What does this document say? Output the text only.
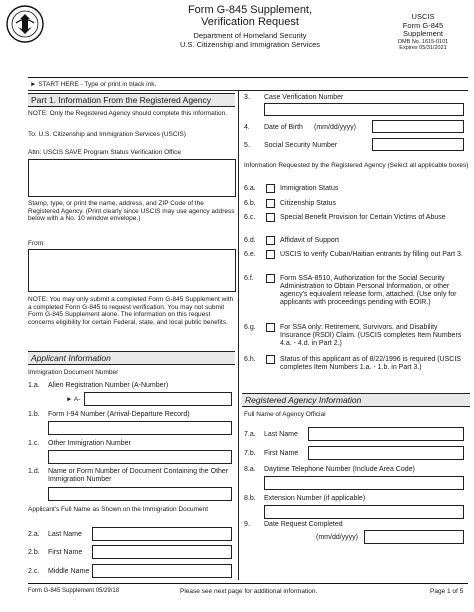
Form G-845 Supplement,
Verification Request
Department of Homeland Security
U.S. Citizenship and Immigration Services
USCIS
Form G-845
Supplement
OMB No. 1615-0101
Expires 05/31/2021
► START HERE - Type or print in black ink.
Part 1. Information From the Registered Agency
NOTE: Only the Registered Agency should complete this information.
To: U.S. Citizenship and Immigration Services (USCIS)
Attn: USCIS SAVE Program Status Verification Office
Stamp, type, or print the name, address, and ZIP Code of the Registered Agency. (Print clearly since USCIS may use agency address below with a No. 10 window envelope.)
From:
NOTE: You may only submit a completed Form G-845 Supplement with a completed Form G-845 to request verification. You may not submit Form G-845 Supplement alone. The information on this request concerns eligibility for certain Federal, state, and local public benefits.
Applicant Information
Immigration Document Number
1.a. Alien Registration Number (A-Number)
► A-
1.b. Form I-94 Number (Arrival-Departure Record)
1.c. Other Immigration Number
1.d. Name or Form Number of Document Containing the Other Immigration Number
Applicant's Full Name as Shown on the Immigration Document
2.a. Last Name
2.b. First Name
2.c. Middle Name
3. Case Verification Number
4. Date of Birth (mm/dd/yyyy)
5. Social Security Number
Information Requested by the Registered Agency (Select all applicable boxes)
6.a.	Immigration Status
6.b.	Citizenship Status
6.c.	Special Benefit Provision for Certain Victims of Abuse
6.d.	Affidavit of Support
6.e.	USCIS to verify Cuban/Haitian entrants by filling out Part 3.
6.f.	Form SSA-8510, Authorization for the Social Security Administration to Obtain Personal Information, or other agency's equivalent release form, attached. (Use only for applicants with proceedings pending with EOIR.)
6.g.	For SSA only: Retirement, Survivors, and Disability Insurance (RSDI) Claim. (USCIS completes Item Numbers 4.a. - 4.d. in Part 2.)
6.h.	Status of this applicant as of 8/22/1996 is required (USCIS completes Item Numbers 1.a. - 1.b. in Part 3.)
Registered Agency Information
Full Name of Agency Official
7.a. Last Name
7.b. First Name
8.a. Daytime Telephone Number (Include Area Code)
8.b. Extension Number (if applicable)
9. Date Request Completed
(mm/dd/yyyy)
Form G-845 Supplement 05/29/18	Please see next page for additional information.	Page 1 of 5
